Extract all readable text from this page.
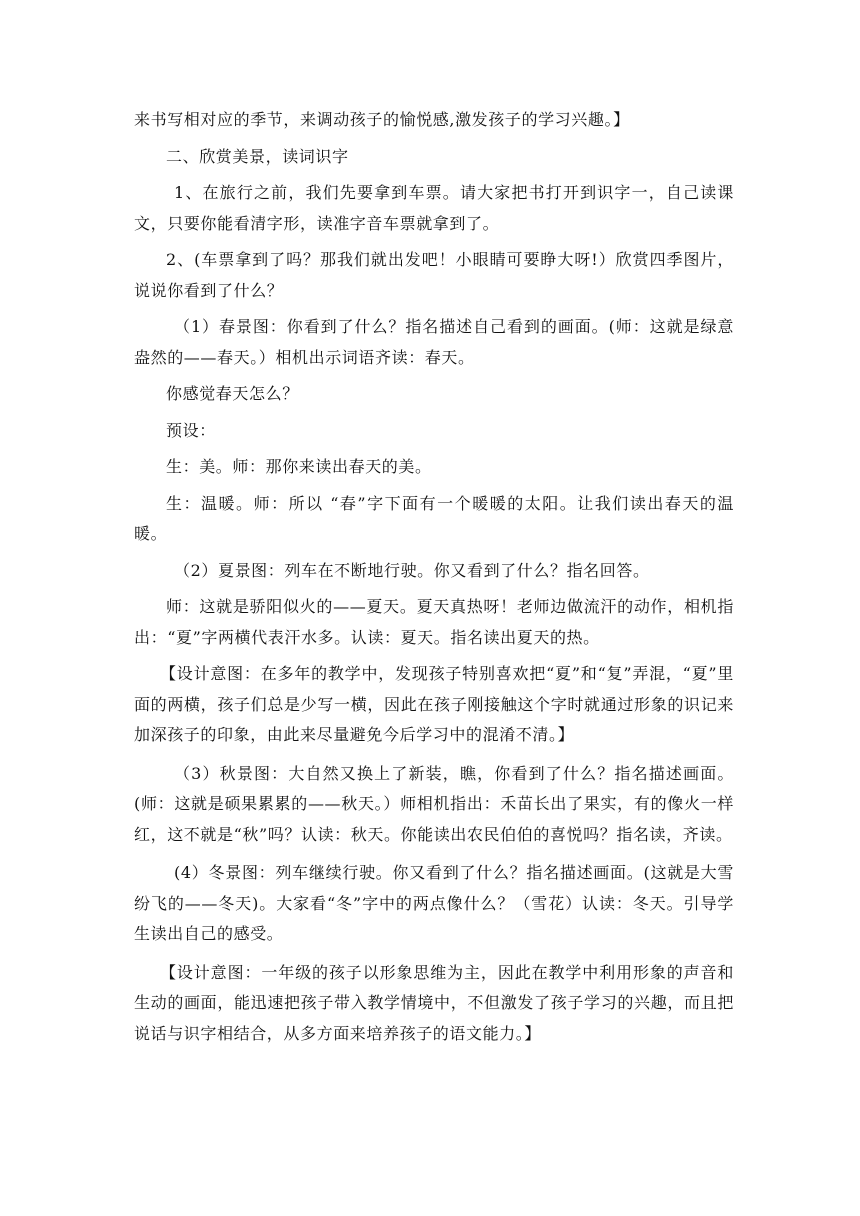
来书写相对应的季节，来调动孩子的愉悦感,激发孩子的学习兴趣。】

二、欣赏美景，读词识字

1、在旅行之前，我们先要拿到车票。请大家把书打开到识字一，自己读课文，只要你能看清字形，读准字音车票就拿到了。

2、(车票拿到了吗？那我们就出发吧！小眼睛可要睁大呀!）欣赏四季图片，说说你看到了什么？

（1）春景图：你看到了什么？指名描述自己看到的画面。(师：这就是绿意盎然的——春天。）相机出示词语齐读：春天。

你感觉春天怎么？

预设：

生：美。师：那你来读出春天的美。

生：温暖。师：所以 “春”字下面有一个暖暖的太阳。让我们读出春天的温暖。

（2）夏景图：列车在不断地行驶。你又看到了什么？指名回答。

师：这就是骄阳似火的——夏天。夏天真热呀！老师边做流汗的动作，相机指出：“夏”字两横代表汗水多。认读：夏天。指名读出夏天的热。

【设计意图：在多年的教学中，发现孩子特别喜欢把“夏”和“复”弄混，“夏”里面的两横，孩子们总是少写一横，因此在孩子刚接触这个字时就通过形象的识记来加深孩子的印象，由此来尽量避免今后学习中的混淆不清。】

（3）秋景图：大自然又换上了新装，瞧，你看到了什么？指名描述画面。(师：这就是硕果累累的——秋天。）师相机指出：禾苗长出了果实，有的像火一样红，这不就是“秋”吗？认读：秋天。你能读出农民伯伯的喜悦吗？指名读，齐读。

(4）冬景图：列车继续行驶。你又看到了什么？指名描述画面。(这就是大雪纷飞的——冬天)。大家看“冬”字中的两点像什么？（雪花）认读：冬天。引导学生读出自己的感受。

【设计意图：一年级的孩子以形象思维为主，因此在教学中利用形象的声音和生动的画面，能迅速把孩子带入教学情境中，不但激发了孩子学习的兴趣，而且把说话与识字相结合，从多方面来培养孩子的语文能力。】
